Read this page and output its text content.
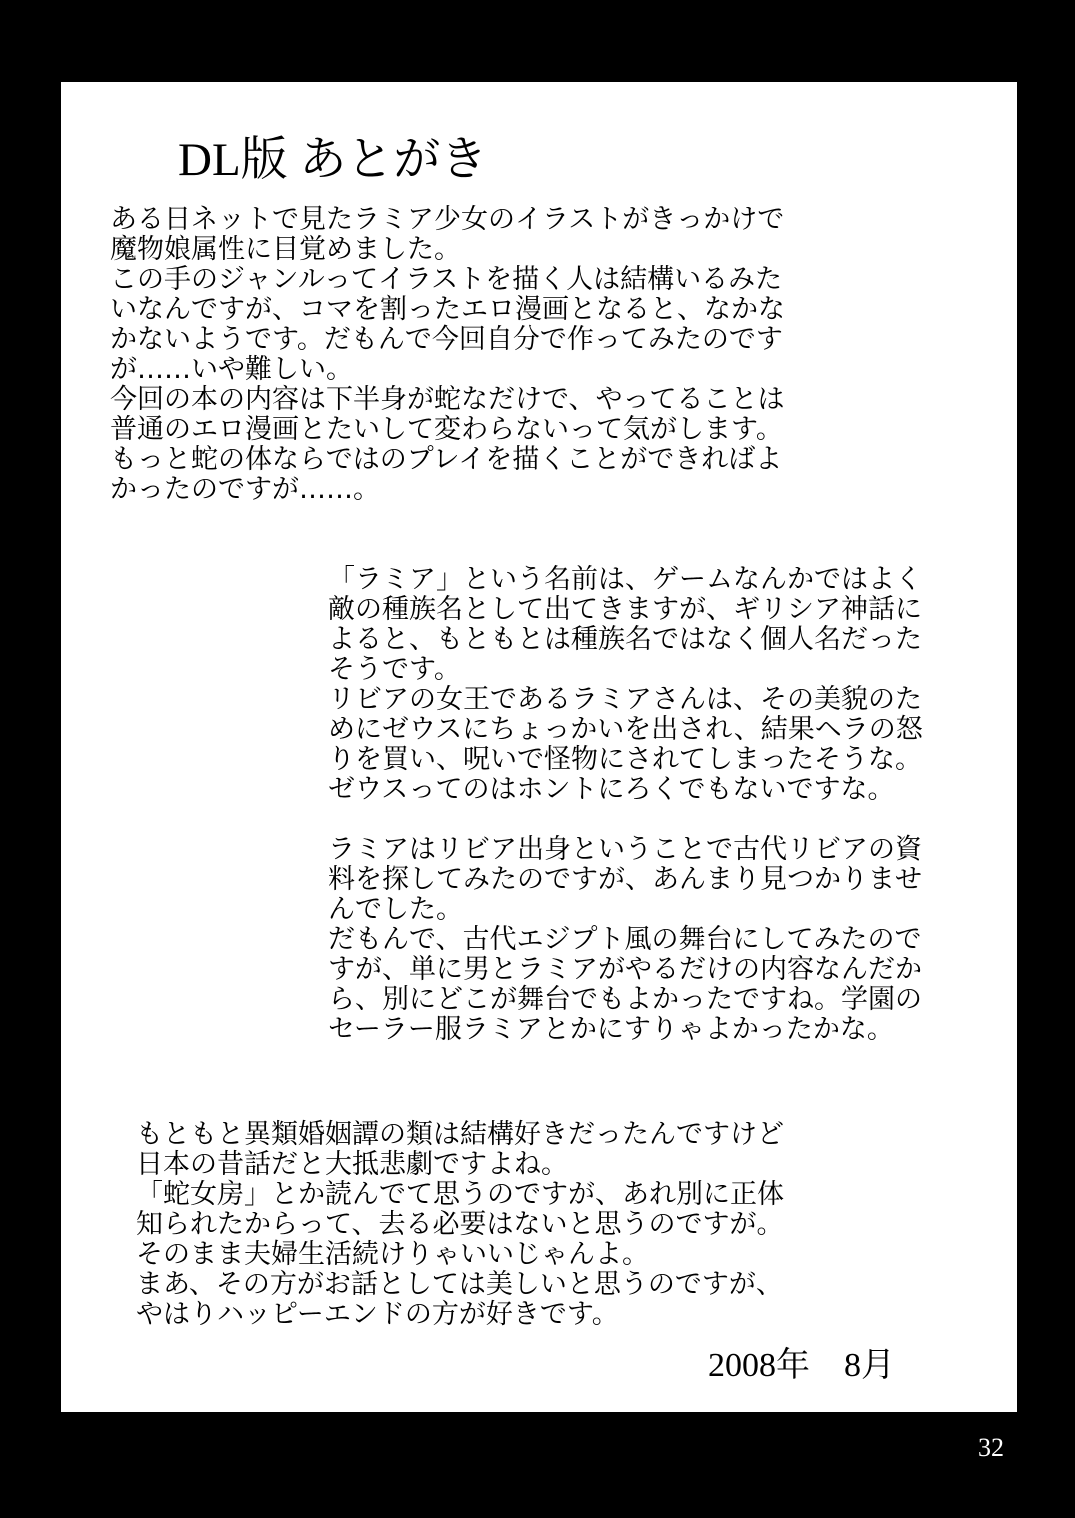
DL版 あとがき
ある日ネットで見たラミア少女のイラストがきっかけで
魔物娘属性に目覚めました。
この手のジャンルってイラストを描く人は結構いるみた
いなんですが、コマを割ったエロ漫画となると、なかな
かないようです。だもんで今回自分で作ってみたのです
が……いや難しい。
今回の本の内容は下半身が蛇なだけで、やってることは
普通のエロ漫画とたいして変わらないって気がします。
もっと蛇の体ならではのプレイを描くことができればよ
かったのですが……。
「ラミア」という名前は、ゲームなんかではよく
敵の種族名として出てきますが、ギリシア神話に
よると、もともとは種族名ではなく個人名だった
そうです。
リビアの女王であるラミアさんは、その美貌のた
めにゼウスにちょっかいを出され、結果ヘラの怒
りを買い、呪いで怪物にされてしまったそうな。
ゼウスってのはホントにろくでもないですな。
ラミアはリビア出身ということで古代リビアの資
料を探してみたのですが、あんまり見つかりませ
んでした。
だもんで、古代エジプト風の舞台にしてみたので
すが、単に男とラミアがやるだけの内容なんだか
ら、別にどこが舞台でもよかったですね。学園の
セーラー服ラミアとかにすりゃよかったかな。
もともと異類婚姻譚の類は結構好きだったんですけど
日本の昔話だと大抵悲劇ですよね。
「蛇女房」とか読んでて思うのですが、あれ別に正体
知られたからって、去る必要はないと思うのですが。
そのまま夫婦生活続けりゃいいじゃんよ。
まあ、その方がお話としては美しいと思うのですが、
やはりハッピーエンドの方が好きです。
2008年　8月
32
